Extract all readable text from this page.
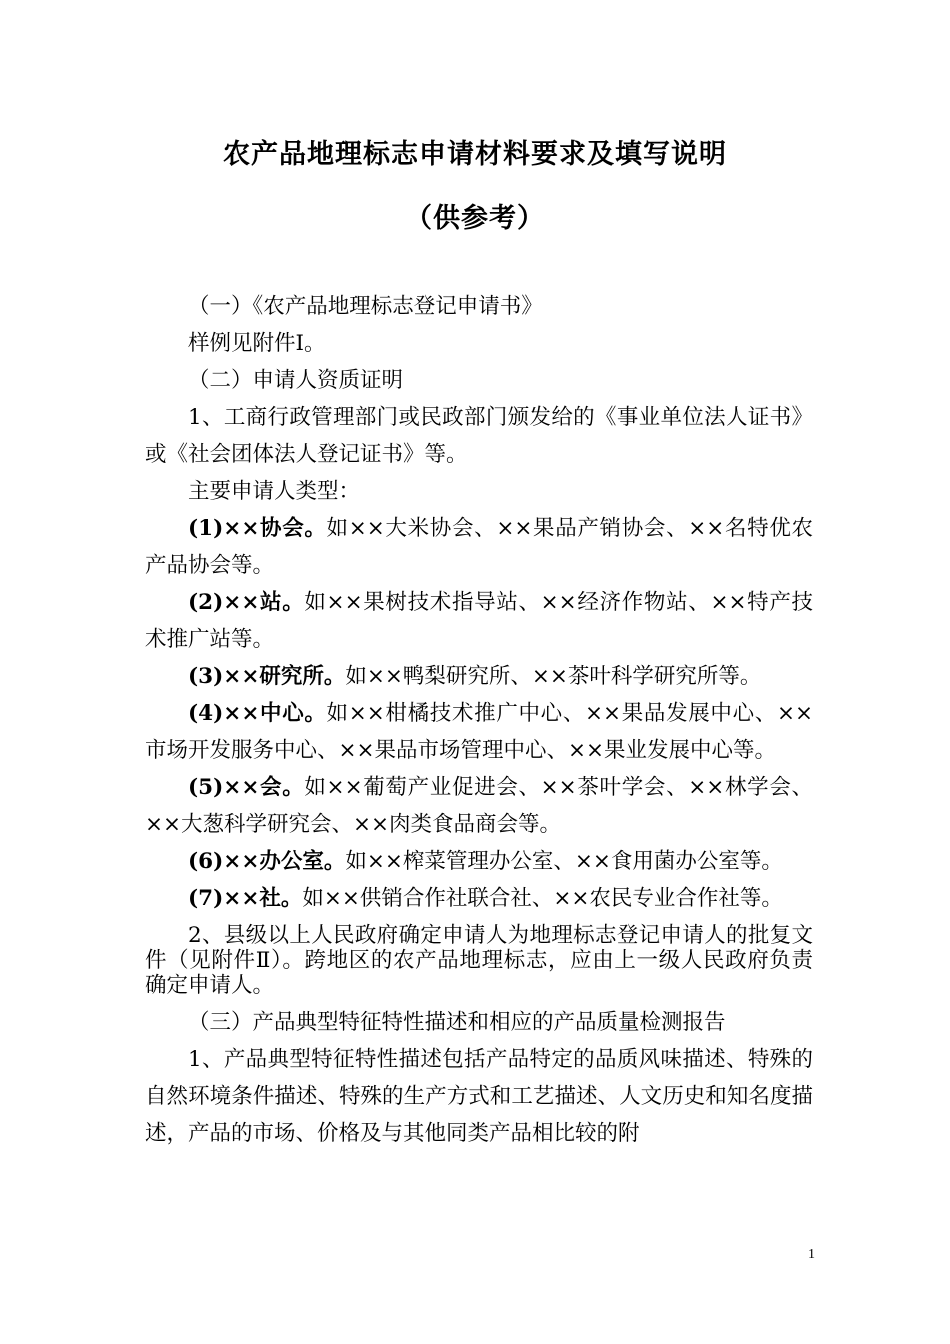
农产品地理标志申请材料要求及填写说明
（供参考）

（一）《农产品地理标志登记申请书》

样例见附件Ⅰ。

（二）申请人资质证明

1、工商行政管理部门或民政部门颁发给的《事业单位法人证书》或《社会团体法人登记证书》等。

主要申请人类型：

(1)××协会。如××大米协会、××果品产销协会、××名特优农产品协会等。

(2)××站。如××果树技术指导站、××经济作物站、××特产技术推广站等。

(3)××研究所。如××鸭梨研究所、××茶叶科学研究所等。

(4)××中心。如××柑橘技术推广中心、××果品发展中心、××市场开发服务中心、××果品市场管理中心、××果业发展中心等。

(5)××会。如××葡萄产业促进会、××茶叶学会、××林学会、××大葱科学研究会、××肉类食品商会等。

(6)××办公室。如××榨菜管理办公室、××食用菌办公室等。

(7)××社。如××供销合作社联合社、××农民专业合作社等。

2、县级以上人民政府确定申请人为地理标志登记申请人的批复文件（见附件Ⅱ）。跨地区的农产品地理标志，应由上一级人民政府负责确定申请人。

（三）产品典型特征特性描述和相应的产品质量检测报告

1、产品典型特征特性描述包括产品特定的品质风味描述、特殊的自然环境条件描述、特殊的生产方式和工艺描述、人文历史和知名度描述，产品的市场、价格及与其他同类产品相比较的附

1
